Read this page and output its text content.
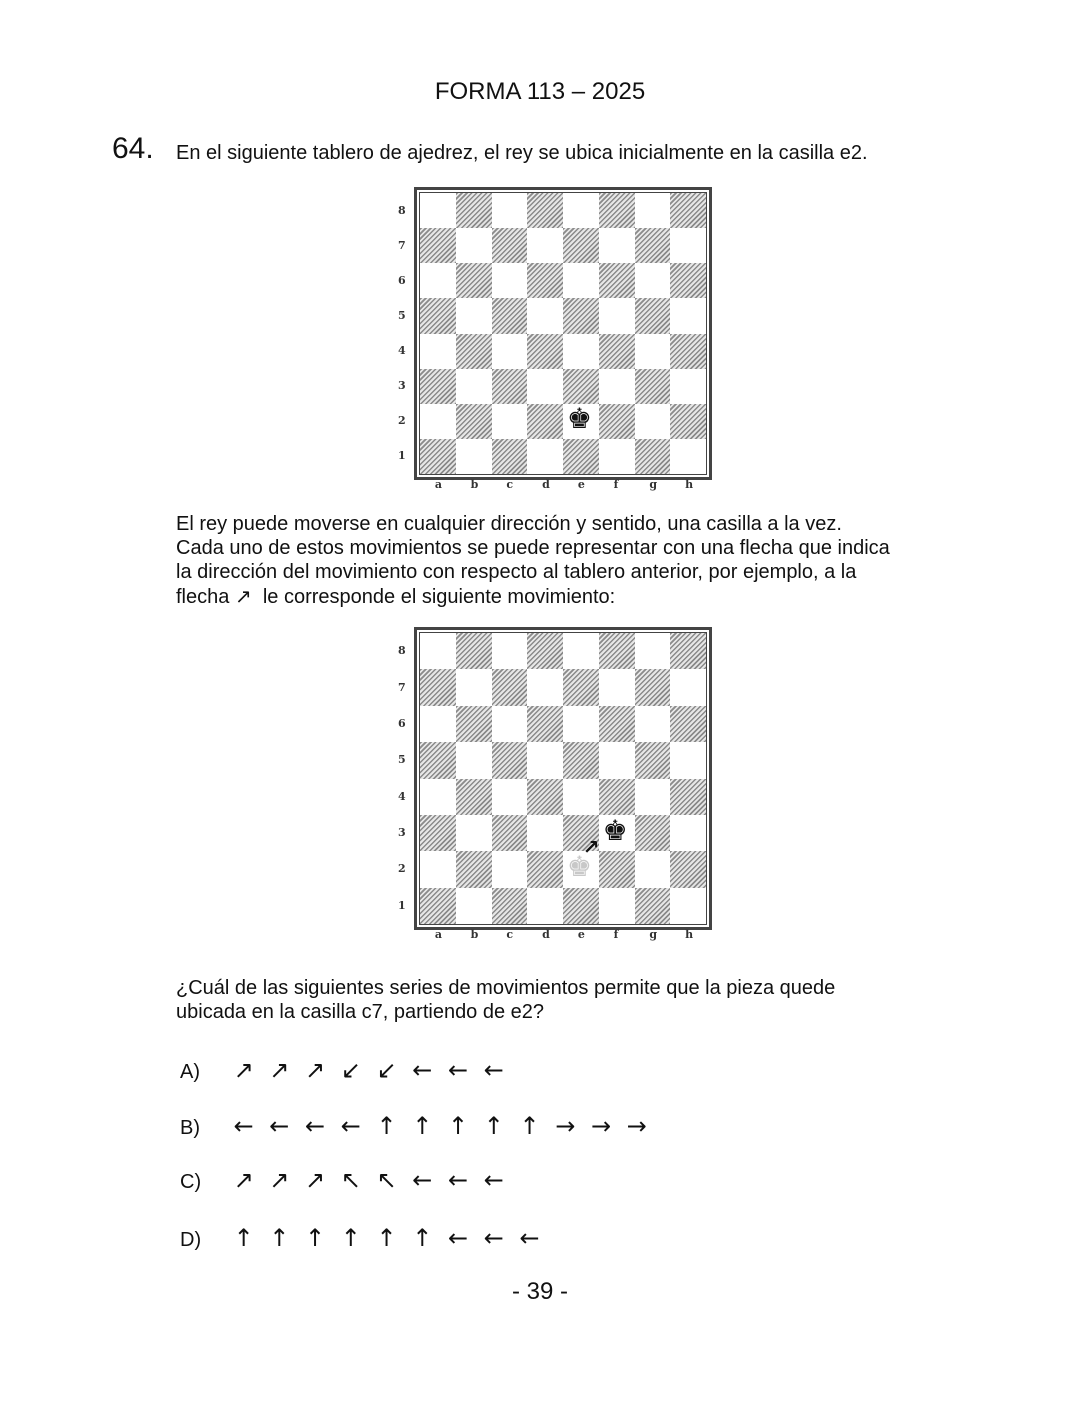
FORMA 113 – 2025
64. En el siguiente tablero de ajedrez, el rey se ubica inicialmente en la casilla e2.
♚
8
7
6
5
4
3
2
1
a	b	c	d	e	f	g	h
El rey puede moverse en cualquier dirección y sentido, una casilla a la vez.
Cada uno de estos movimientos se puede representar con una flecha que indica
la dirección del movimiento con respecto al tablero anterior, por ejemplo, a la
flecha ↗ le corresponde el siguiente movimiento:
♚
♚
8
7
6
5
4
3
2
1
a	b	c	d	e	f	g	h
↗
¿Cuál de las siguientes series de movimientos permite que la pieza quede
ubicada en la casilla c7, partiendo de e2?
A) ↗ ↗ ↗ ↙ ↙ ← ← ←
B) ← ← ← ← ↑ ↑ ↑ ↑ ↑ → → →
C) ↗ ↗ ↗ ↖ ↖ ← ← ←
D) ↑ ↑ ↑ ↑ ↑ ↑ ← ← ←
- 39 -
